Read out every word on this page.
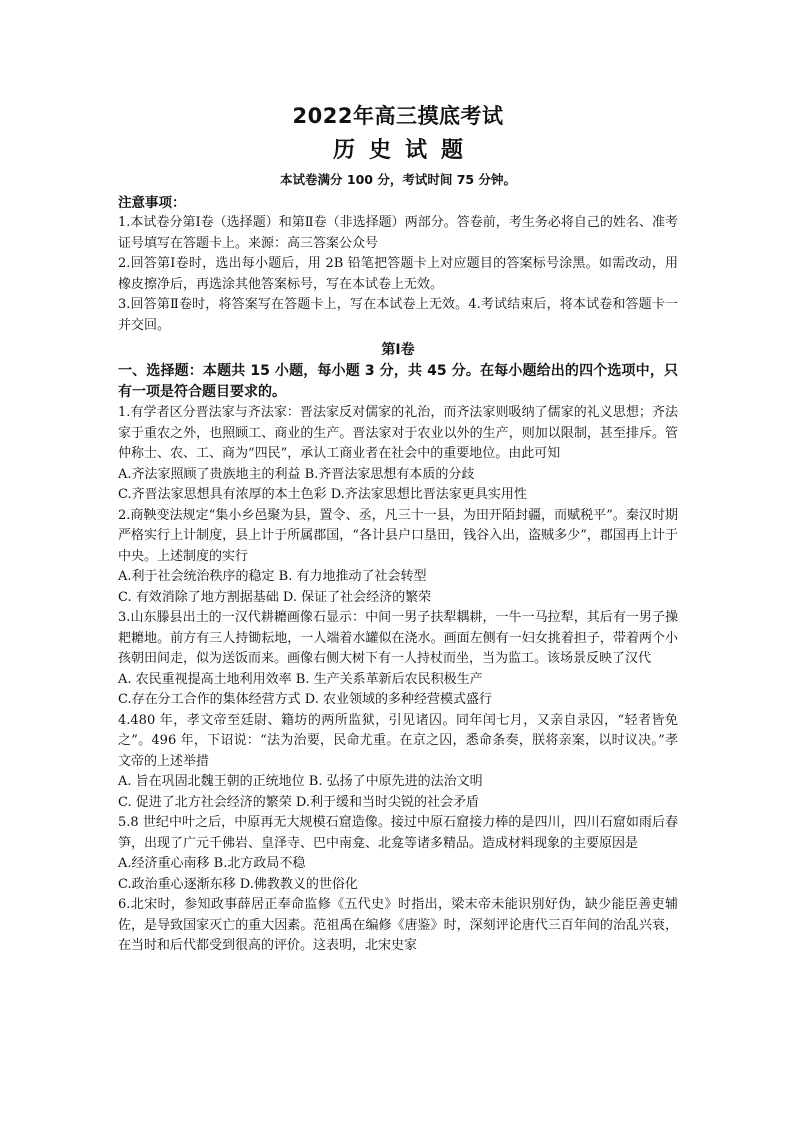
2022年高三摸底考试
历史试题
本试卷满分 100 分，考试时间 75 分钟。
注意事项：
1.本试卷分第Ⅰ卷（选择题）和第Ⅱ卷（非选择题）两部分。答卷前，考生务必将自己的姓名、准考证号填写在答题卡上。来源：高三答案公众号
2.回答第Ⅰ卷时，选出每小题后，用 2B 铅笔把答题卡上对应题目的答案标号涂黑。如需改动，用橡皮擦净后，再选涂其他答案标号，写在本试卷上无效。
3.回答第Ⅱ卷时，将答案写在答题卡上，写在本试卷上无效。4.考试结束后，将本试卷和答题卡一并交回。
第Ⅰ卷
一、选择题：本题共 15 小题，每小题 3 分，共 45 分。在每小题给出的四个选项中，只有一项是符合题目要求的。
1.有学者区分晋法家与齐法家：晋法家反对儒家的礼治，而齐法家则吸纳了儒家的礼义思想；齐法家于重农之外，也照顾工、商业的生产。晋法家对于农业以外的生产，则加以限制，甚至排斥。管仲称士、农、工、商为“四民”，承认工商业者在社会中的重要地位。由此可知
A.齐法家照顾了贵族地主的利益 B.齐晋法家思想有本质的分歧
C.齐晋法家思想具有浓厚的本土色彩 D.齐法家思想比晋法家更具实用性
2.商鞅变法规定“集小乡邑聚为县，置令、丞，凡三十一县，为田开陌封疆，而赋税平”。秦汉时期严格实行上计制度，县上计于所属郡国，“各计县户口垦田，钱谷入出，盗贼多少”，郡国再上计于中央。上述制度的实行
A.利于社会统治秩序的稳定 B. 有力地推动了社会转型
C. 有效消除了地方割据基础 D. 保证了社会经济的繁荣
3.山东滕县出土的一汉代耕耱画像石显示：中间一男子扶犁耦耕，一牛一马拉犁，其后有一男子操耙耱地。前方有三人持锄耘地，一人端着水罐似在浇水。画面左侧有一妇女挑着担子，带着两个小孩朝田间走，似为送饭而来。画像右侧大树下有一人持杖而坐，当为监工。该场景反映了汉代
A. 农民重视提高土地利用效率 B. 生产关系革新后农民积极生产
C.存在分工合作的集体经营方式 D. 农业领域的多种经营模式盛行
4.480 年，孝文帝至廷尉、籍坊的两所监狱，引见诸囚。同年闰七月，又亲自录囚，“轻者皆免之”。496 年，下诏说：“法为治要，民命尤重。在京之囚，悉命条奏，朕将亲案，以时议决。”孝文帝的上述举措
A. 旨在巩固北魏王朝的正统地位 B. 弘扬了中原先进的法治文明
C. 促进了北方社会经济的繁荣 D.利于缓和当时尖锐的社会矛盾
5.8 世纪中叶之后，中原再无大规模石窟造像。接过中原石窟接力棒的是四川，四川石窟如雨后春笋，出现了广元千佛岩、皇泽寺、巴中南龛、北龛等诸多精品。造成材料现象的主要原因是
A.经济重心南移 B.北方政局不稳
C.政治重心逐渐东移 D.佛教教义的世俗化
6.北宋时，参知政事薛居正奉命监修《五代史》时指出，梁末帝未能识别好伪，缺少能臣善吏辅佐，是导致国家灭亡的重大因素。范祖禹在编修《唐鉴》时，深刻评论唐代三百年间的治乱兴衰，在当时和后代都受到很高的评价。这表明，北宋史家
